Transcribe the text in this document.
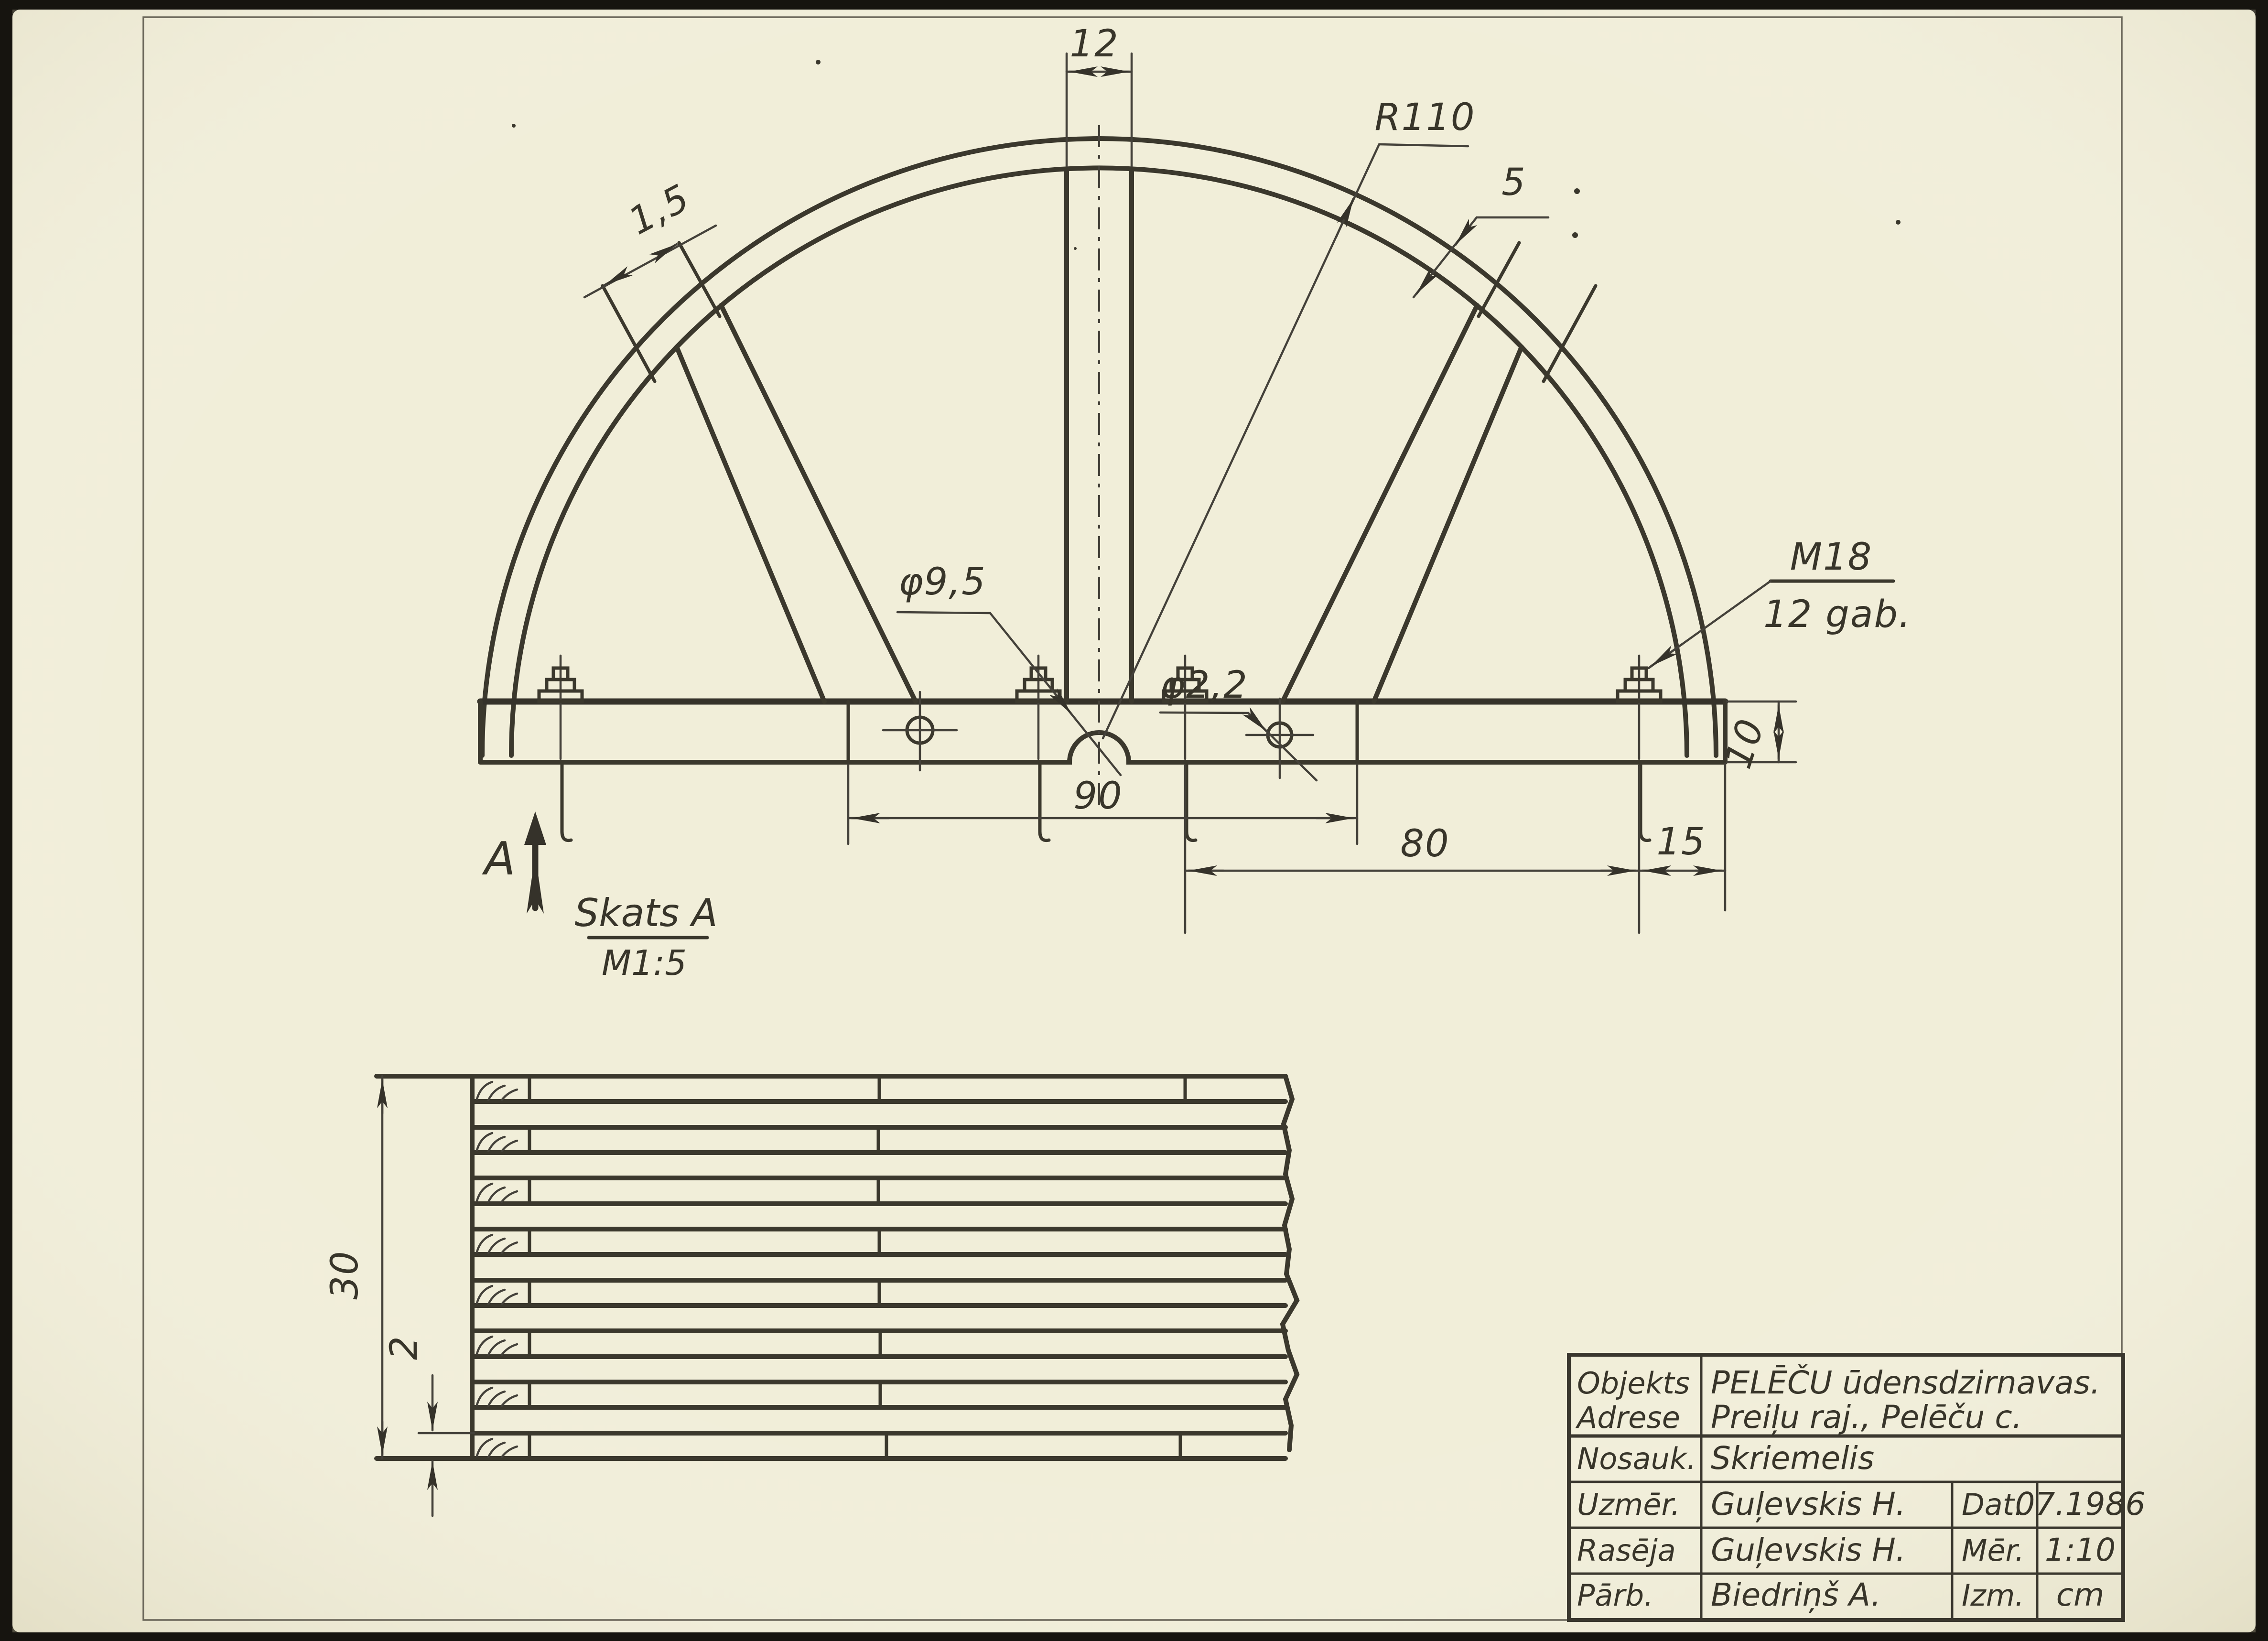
12
R110
5
1,5
φ9,5
φ2,2
90
80	15
10
M18
12 gab.
A
Skats A
M1:5
30
2
Objekts PELĒČU ūdensdzirnavas.
Adrese Preiļu raj., Pelēču c.
Nosauk. Skriemelis
Uzmēr. Guļevskis H. Dat.
07.1986
Rasēja Guļevskis H. Mēr. 1:10
Pārb. Biedriņš A.	Izm. cm
